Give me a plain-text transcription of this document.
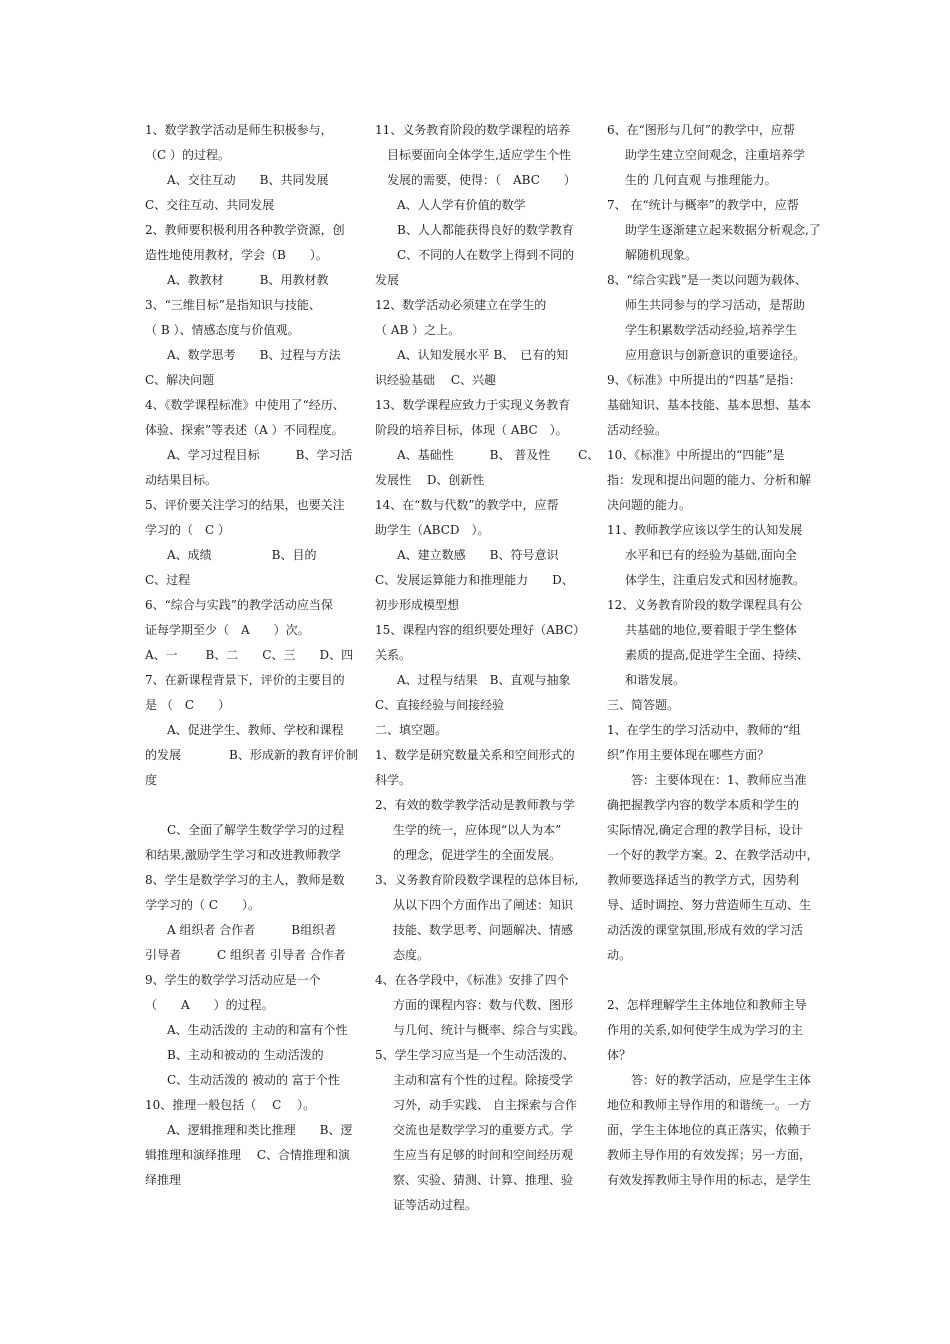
1、数学教学活动是师生积极参与，
（C ）的过程。
A、交往互动　　B、共同发展
C、交往互动、共同发展
2、教师要积极利用各种教学资源，创
造性地使用教材，学会（B　　）。
A、教教材　　　B、用教材教
3、“三维目标”是指知识与技能、
（ B ）、情感态度与价值观。
A、数学思考　　B、过程与方法
C、解决问题
4、《数学课程标准》中使用了“经历、
体验、探索”等表述（A ）不同程度。
A、学习过程目标　　　B、学习活
动结果目标。
5、评价要关注学习的结果，也要关注
学习的（　C ）
A、成绩　　　　　B、目的
C、过程
6、“综合与实践”的教学活动应当保
证每学期至少（　A　　）次。
A、一　　 B、二　　C、三　　D、四
7、在新课程背景下，评价的主要目的
是 （　C　　）
A、促进学生、教师、学校和课程
的发展　　　　B、形成新的教育评价制
度
C、全面了解学生数学学习的过程
和结果,激励学生学习和改进教师教学
8、学生是数学学习的主人，教师是数
学学习的（ C　　）。
A 组织者 合作者　　　B组织者
引导者　　　C 组织者 引导者 合作者
9、学生的数学学习活动应是一个
（　　A　　）的过程。
A、生动活泼的 主动的和富有个性
B、主动和被动的 生动活泼的
C、生动活泼的 被动的 富于个性
10、推理一般包括（　 C　 ）。
A、逻辑推理和类比推理　　B、逻
辑推理和演绎推理　 C、合情推理和演
绎推理
11、义务教育阶段的数学课程的培养
目标要面向全体学生,适应学生个性
发展的需要，使得：（　ABC　　）
A、人人学有价值的数学
B、人人都能获得良好的数学教育
C、不同的人在数学上得到不同的
发展
12、数学活动必须建立在学生的
（ AB ）之上。
A、认知发展水平 B、　已有的知
识经验基础　 C、兴趣
13、数学课程应致力于实现义务教育
阶段的培养目标，体现（ ABC　）。
A、基础性　　　B、 普及性　　 C、
发展性　 D、创新性
14、在“数与代数”的教学中，应帮
助学生（ABCD　）。
A、建立数感　　B、符号意识
C、发展运算能力和推理能力　　D、
初步形成模型想
15、课程内容的组织要处理好（ABC）
关系。
A、过程与结果　B、直观与抽象
C、直接经验与间接经验
二、填空题。
1、数学是研究数量关系和空间形式的
科学。
2、有效的数学教学活动是教师教与学
生学的统一，应体现“以人为本”
的理念，促进学生的全面发展。
3、义务教育阶段数学课程的总体目标,
从以下四个方面作出了阐述：知识
技能、数学思考、问题解决、情感
态度。
4、在各学段中，《标准》安排了四个
方面的课程内容：数与代数、图形
与几何、统计与概率、综合与实践。
5、学生学习应当是一个生动活泼的、
主动和富有个性的过程。除接受学
习外，动手实践、 自主探索与合作
交流也是数学学习的重要方式。学
生应当有足够的时间和空间经历观
察、实验、猜测、计算、推理、验
证等活动过程。
6、在“图形与几何”的教学中，应帮
助学生建立空间观念，注重培养学
生的 几何直观 与推理能力。
7、 在“统计与概率”的教学中，应帮
助学生逐渐建立起来数据分析观念,了
解随机现象。
8、“综合实践”是一类以问题为载体、
师生共同参与的学习活动，是帮助
学生积累数学活动经验,培养学生
应用意识与创新意识的重要途径。
9、《标准》中所提出的“四基”是指：
基础知识、基本技能、基本思想、基本
活动经验。
10、《标准》中所提出的“四能”是
指：发现和提出问题的能力、分析和解
决问题的能力。
11、教师教学应该以学生的认知发展
水平和已有的经验为基础,面向全
体学生，注重启发式和因材施教。
12、义务教育阶段的数学课程具有公
共基础的地位,要着眼于学生整体
素质的提高,促进学生全面、持续、
和谐发展。
三、简答题。
1、在学生的学习活动中，教师的“组
织”作用主要体现在哪些方面？
答：主要体现在：1、教师应当准
确把握教学内容的数学本质和学生的
实际情况,确定合理的教学目标，设计
一个好的教学方案。2、在教学活动中，
教师要选择适当的教学方式，因势利
导、适时调控、努力营造师生互动、生
动活泼的课堂氛围,形成有效的学习活
动。
2、怎样理解学生主体地位和教师主导
作用的关系,如何使学生成为学习的主
体？
答：好的教学活动，应是学生主体
地位和教师主导作用的和谐统一。一方
面，学生主体地位的真正落实，依赖于
教师主导作用的有效发挥；另一方面，
有效发挥教师主导作用的标志，是学生
